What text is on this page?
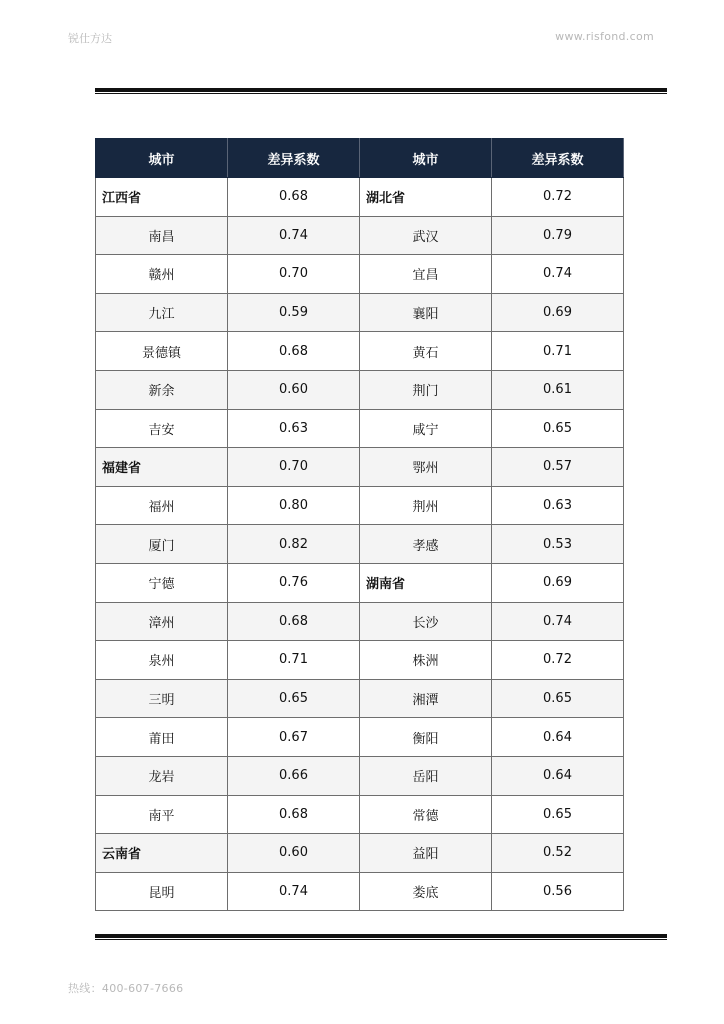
锐仕方达	www.risfond.com
城市	差异系数	城市	差异系数
江西省	0.68	湖北省	0.72
南昌	0.74	武汉	0.79
赣州	0.70	宜昌	0.74
九江	0.59	襄阳	0.69
景德镇	0.68	黄石	0.71
新余	0.60	荆门	0.61
吉安	0.63	咸宁	0.65
福建省	0.70	鄂州	0.57
福州	0.80	荆州	0.63
厦门	0.82	孝感	0.53
宁德	0.76	湖南省	0.69
漳州	0.68	长沙	0.74
泉州	0.71	株洲	0.72
三明	0.65	湘潭	0.65
莆田	0.67	衡阳	0.64
龙岩	0.66	岳阳	0.64
南平	0.68	常德	0.65
云南省	0.60	益阳	0.52
昆明	0.74	娄底	0.56
热线：400-607-7666
